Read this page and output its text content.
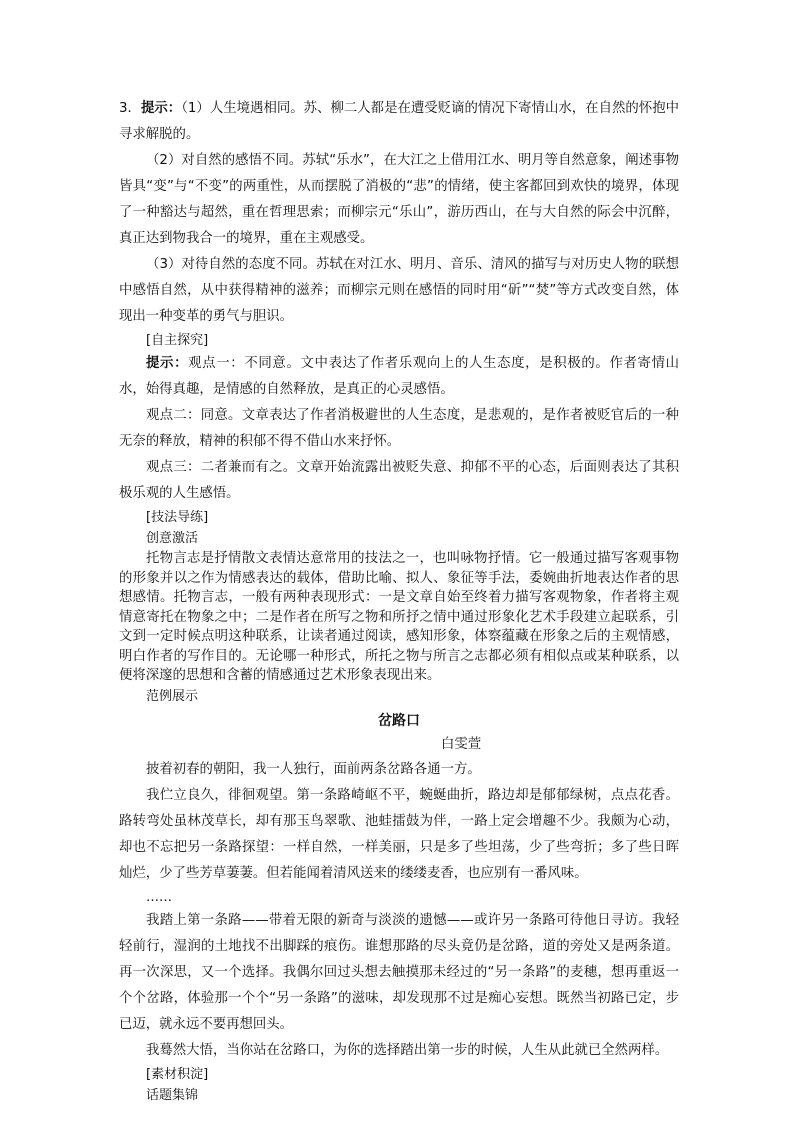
3．提示：（1）人生境遇相同。苏、柳二人都是在遭受贬谪的情况下寄情山水，在自然的怀抱中寻求解脱的。

（2）对自然的感悟不同。苏轼“乐水”，在大江之上借用江水、明月等自然意象，阐述事物皆具“变”与“不变”的两重性，从而摆脱了消极的“悲”的情绪，使主客都回到欢快的境界，体现了一种豁达与超然，重在哲理思索；而柳宗元“乐山”，游历西山，在与大自然的际会中沉醉，真正达到物我合一的境界，重在主观感受。

（3）对待自然的态度不同。苏轼在对江水、明月、音乐、清风的描写与对历史人物的联想中感悟自然，从中获得精神的滋养；而柳宗元则在感悟的同时用“斫”“焚”等方式改变自然，体现出一种变革的勇气与胆识。

[自主探究]

提示：观点一：不同意。文中表达了作者乐观向上的人生态度，是积极的。作者寄情山水，始得真趣，是情感的自然释放，是真正的心灵感悟。

观点二：同意。文章表达了作者消极避世的人生态度，是悲观的，是作者被贬官后的一种无奈的释放，精神的积郁不得不借山水来抒怀。

观点三：二者兼而有之。文章开始流露出被贬失意、抑郁不平的心态，后面则表达了其积极乐观的人生感悟。

[技法导练]

创意激活

托物言志是抒情散文表情达意常用的技法之一，也叫咏物抒情。它一般通过描写客观事物的形象并以之作为情感表达的载体，借助比喻、拟人、象征等手法，委婉曲折地表达作者的思想感情。托物言志，一般有两种表现形式：一是文章自始至终着力描写客观物象，作者将主观情意寄托在物象之中；二是作者在所写之物和所抒之情中通过形象化艺术手段建立起联系，引文到一定时候点明这种联系，让读者通过阅读，感知形象，体察蕴藏在形象之后的主观情感，明白作者的写作目的。无论哪一种形式，所托之物与所言之志都必须有相似点或某种联系，以便将深邃的思想和含蓄的情感通过艺术形象表现出来。

范例展示

岔路口

白雯萱

披着初春的朝阳，我一人独行，面前两条岔路各通一方。

我伫立良久，徘徊观望。第一条路崎岖不平，蜿蜒曲折，路边却是郁郁绿树，点点花香。路转弯处虽林茂草长，却有那玉鸟翠歌、池蛙擂鼓为伴，一路上定会增趣不少。我颇为心动，却也不忘把另一条路探望：一样自然，一样美丽，只是多了些坦荡，少了些弯折；多了些日晖灿烂，少了些芳草萋萋。但若能闻着清风送来的缕缕麦香，也应别有一番风味。

……

我踏上第一条路——带着无限的新奇与淡淡的遗憾——或许另一条路可待他日寻访。我轻轻前行，湿润的土地找不出脚踩的痕伤。谁想那路的尽头竟仍是岔路，道的旁处又是两条道。再一次深思，又一个选择。我偶尔回过头想去触摸那未经过的“另一条路”的麦穗，想再重返一个个岔路，体验那一个个“另一条路”的滋味，却发现那不过是痴心妄想。既然当初路已定，步已迈，就永远不要再想回头。

我蓦然大悟，当你站在岔路口，为你的选择踏出第一步的时候，人生从此就已全然两样。

[素材积淀]

话题集锦
